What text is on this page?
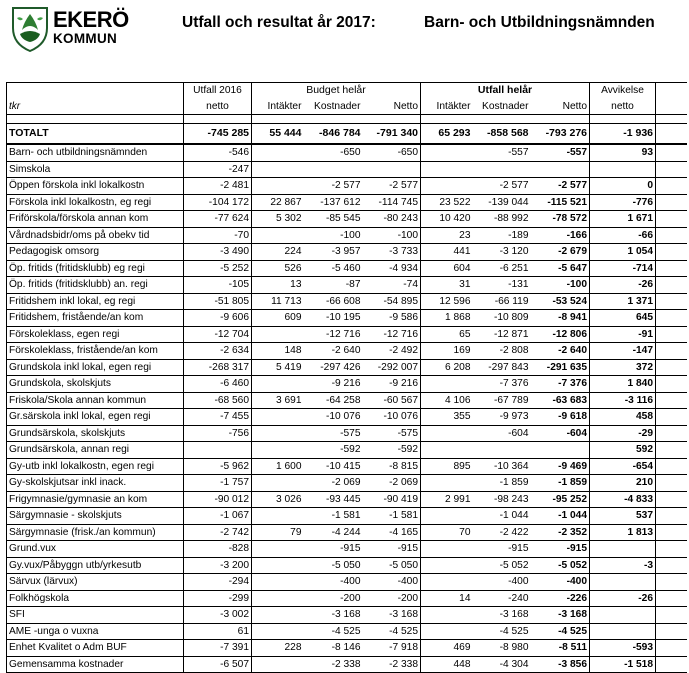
EKERÖ
KOMMUN
Utfall och resultat år 2017:	Barn- och Utbildningsnämnden
	Utfall 2016	Budget helår			Utfall helår			Avvikelse	
tkr	netto	Intäkter	Kostnader	Netto	Intäkter	Kostnader	Netto	netto	

TOTALT	-745 285	55 444	-846 784	-791 340	65 293	-858 568	-793 276	-1 936	
Barn- och utbildningsnämnden	-546		-650	-650		-557	-557	93	
Simskola	-247								
Öppen förskola inkl lokalkostn	-2 481		-2 577	-2 577		-2 577	-2 577	0	
Förskola inkl lokalkostn, eg regi	-104 172	22 867	-137 612	-114 745	23 522	-139 044	-115 521	-776	
Friförskola/förskola annan kom	-77 624	5 302	-85 545	-80 243	10 420	-88 992	-78 572	1 671	
Vårdnadsbidr/oms på obekv tid	-70		-100	-100	23	-189	-166	-66	
Pedagogisk omsorg	-3 490	224	-3 957	-3 733	441	-3 120	-2 679	1 054	
Öp. fritids (fritidsklubb) eg regi	-5 252	526	-5 460	-4 934	604	-6 251	-5 647	-714	
Öp. fritids (fritidsklubb) an. regi	-105	13	-87	-74	31	-131	-100	-26	
Fritidshem inkl lokal, eg regi	-51 805	11 713	-66 608	-54 895	12 596	-66 119	-53 524	1 371	
Fritidshem, fristående/an kom	-9 606	609	-10 195	-9 586	1 868	-10 809	-8 941	645	
Förskoleklass, egen regi	-12 704		-12 716	-12 716	65	-12 871	-12 806	-91	
Förskoleklass, fristående/an kom	-2 634	148	-2 640	-2 492	169	-2 808	-2 640	-147	
Grundskola inkl lokal, egen regi	-268 317	5 419	-297 426	-292 007	6 208	-297 843	-291 635	372	
Grundskola, skolskjuts	-6 460		-9 216	-9 216		-7 376	-7 376	1 840	
Friskola/Skola annan kommun	-68 560	3 691	-64 258	-60 567	4 106	-67 789	-63 683	-3 116	
Gr.särskola inkl lokal, egen regi	-7 455		-10 076	-10 076	355	-9 973	-9 618	458	
Grundsärskola, skolskjuts	-756		-575	-575		-604	-604	-29	
Grundsärskola, annan regi			-592	-592				592	
Gy-utb inkl lokalkostn, egen regi	-5 962	1 600	-10 415	-8 815	895	-10 364	-9 469	-654	
Gy-skolskjutsar inkl inack.	-1 757		-2 069	-2 069		-1 859	-1 859	210	
Frigymnasie/gymnasie an kom	-90 012	3 026	-93 445	-90 419	2 991	-98 243	-95 252	-4 833	
Särgymnasie - skolskjuts	-1 067		-1 581	-1 581		-1 044	-1 044	537	
Särgymnasie (frisk./an kommun)	-2 742	79	-4 244	-4 165	70	-2 422	-2 352	1 813	
Grund.vux	-828		-915	-915		-915	-915		
Gy.vux/Påbyggn utb/yrkesutb	-3 200		-5 050	-5 050		-5 052	-5 052	-3	
Särvux (lärvux)	-294		-400	-400		-400	-400		
Folkhögskola	-299		-200	-200	14	-240	-226	-26	
SFI	-3 002		-3 168	-3 168		-3 168	-3 168		
AME -unga o vuxna	61		-4 525	-4 525		-4 525	-4 525		
Enhet Kvalitet o Adm BUF	-7 391	228	-8 146	-7 918	469	-8 980	-8 511	-593	
Gemensamma kostnader	-6 507		-2 338	-2 338	448	-4 304	-3 856	-1 518	
